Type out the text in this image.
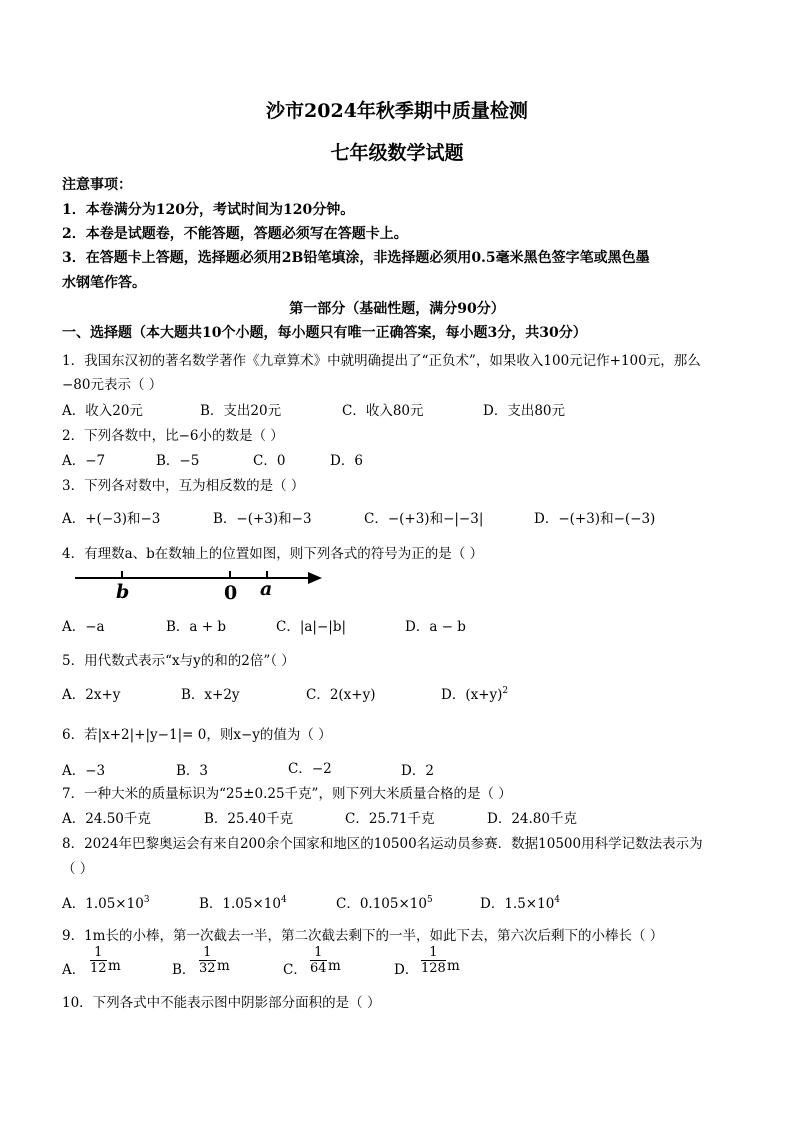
沙市2024年秋季期中质量检测
七年级数学试题
注意事项：
1．本卷满分为120分，考试时间为120分钟。
2．本卷是试题卷，不能答题，答题必须写在答题卡上。
3．在答题卡上答题，选择题必须用2B铅笔填涂，非选择题必须用0.5毫米黑色签字笔或黑色墨
水钢笔作答。
第一部分（基础性题，满分90分）
一、选择题（本大题共10个小题，每小题只有唯一正确答案，每小题3分，共30分）
1．我国东汉初的著名数学著作《九章算术》中就明确提出了“正负术”，如果收入100元记作+100元，那么
−80元表示（ ）
A．收入20元	B．支出20元	C．收入80元	D．支出80元
2．下列各数中，比−6小的数是（ ）
A．−7	B．−5	C．0	D．6
3．下列各对数中，互为相反数的是（ ）
A．+(−3)和−3	B．−(+3)和−3	C．−(+3)和−|−3|	D．−(+3)和−(−3)
4．有理数a、b在数轴上的位置如图，则下列各式的符号为正的是（ ）
b	0 a
A．−a	B．a + b	C．|a|−|b|	D．a − b
5．用代数式表示“x与y的和的2倍”（ ）
A．2x+y	B．x+2y	C．2(x+y)	D．$(x+y)^2$
6．若|x+2|+|y−1|= 0，则x−y的值为（ ）
A．−3	B．3	C．−2	D．2
7．一种大米的质量标识为“25±0.25千克”，则下列大米质量合格的是（ ）
A．24.50千克	B．25.40千克	C．25.71千克	D．24.80千克
8．2024年巴黎奥运会有来自200余个国家和地区的10500名运动员参赛．数据10500用科学记数法表示为
（ ）
A．$1.05\times 10^3$	B．$1.05\times 10^4$	C．$0.105\times 10^5$	D．$1.5\times 10^4$
9．1m长的小棒，第一次截去一半，第二次截去剩下的一半，如此下去，第六次后剩下的小棒长（ ）
A． $\frac{1}{12}$ m	B． $\frac{1}{32}$ m	C． $\frac{1}{64}$ m	D． $\frac{1}{128}$ m
10．下列各式中不能表示图中阴影部分面积的是（ ）
